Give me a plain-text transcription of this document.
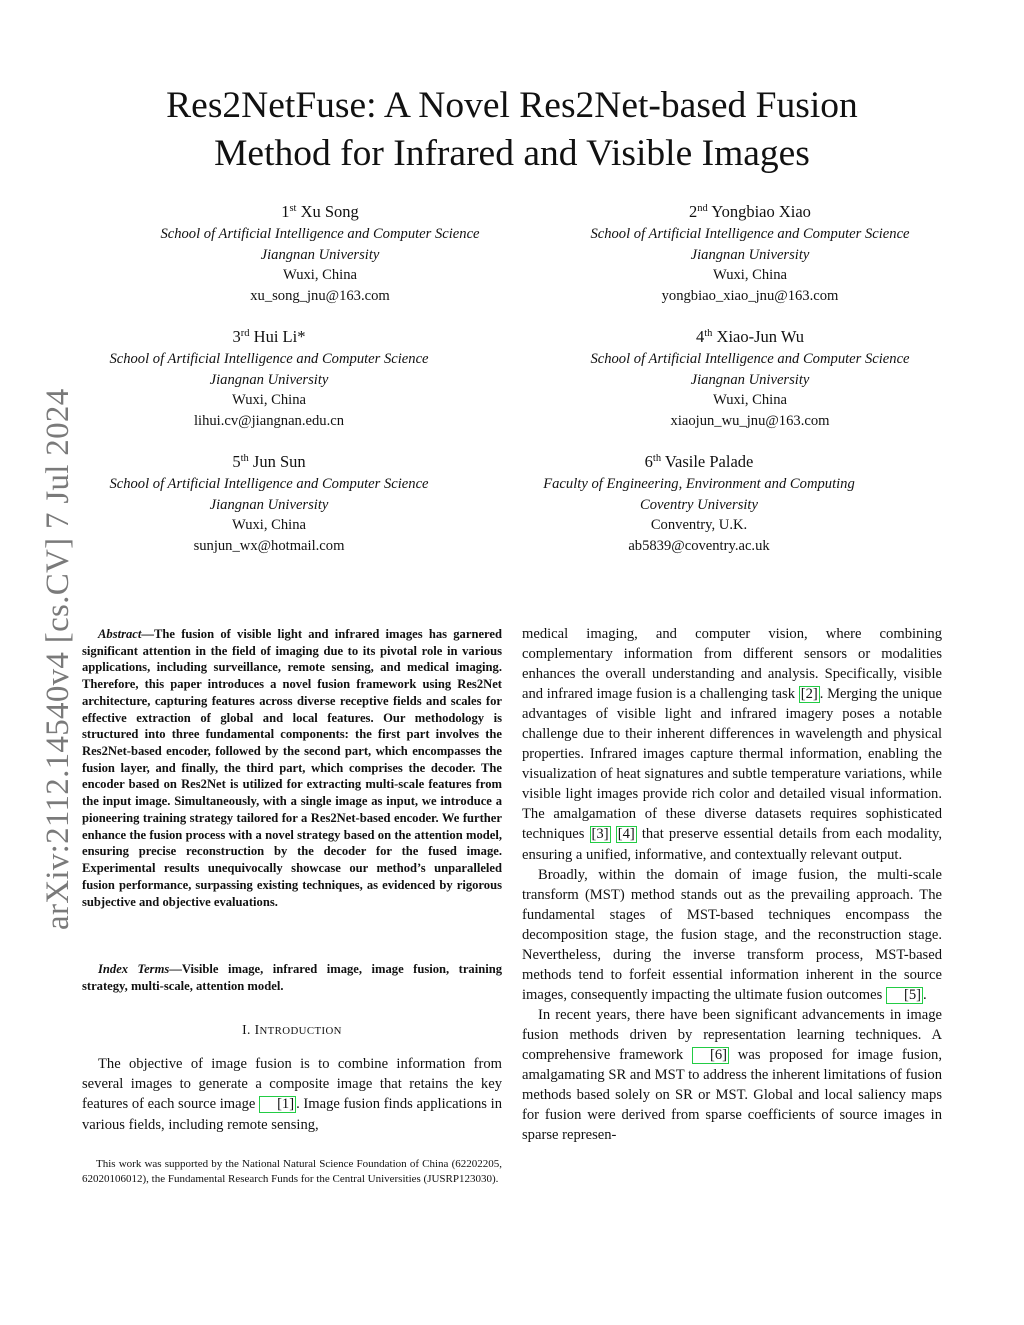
arXiv:2112.14540v4 [cs.CV] 7 Jul 2024
Res2NetFuse: A Novel Res2Net-based Fusion
Method for Infrared and Visible Images
1st Xu Song
School of Artificial Intelligence and Computer Science
Jiangnan University
Wuxi, China
xu_song_jnu@163.com
2nd Yongbiao Xiao
School of Artificial Intelligence and Computer Science
Jiangnan University
Wuxi, China
yongbiao_xiao_jnu@163.com
3rd Hui Li*
School of Artificial Intelligence and Computer Science
Jiangnan University
Wuxi, China
lihui.cv@jiangnan.edu.cn
4th Xiao-Jun Wu
School of Artificial Intelligence and Computer Science
Jiangnan University
Wuxi, China
xiaojun_wu_jnu@163.com
5th Jun Sun
School of Artificial Intelligence and Computer Science
Jiangnan University
Wuxi, China
sunjun_wx@hotmail.com
6th Vasile Palade
Faculty of Engineering, Environment and Computing
Coventry University
Conventry, U.K.
ab5839@coventry.ac.uk

Abstract—The fusion of visible light and infrared images has garnered significant attention in the field of imaging due to its pivotal role in various applications, including surveillance, remote sensing, and medical imaging. Therefore, this paper introduces a novel fusion framework using Res2Net architecture, capturing features across diverse receptive fields and scales for effective extraction of global and local features. Our methodology is structured into three fundamental components: the first part involves the Res2Net-based encoder, followed by the second part, which encompasses the fusion layer, and finally, the third part, which comprises the decoder. The encoder based on Res2Net is utilized for extracting multi-scale features from the input image. Simultaneously, with a single image as input, we introduce a pioneering training strategy tailored for a Res2Net-based encoder. We further enhance the fusion process with a novel strategy based on the attention model, ensuring precise reconstruction by the decoder for the fused image. Experimental results unequivocally showcase our method’s unparalleled fusion performance, surpassing existing techniques, as evidenced by rigorous subjective and objective evaluations.

Index Terms—Visible image, infrared image, image fusion, training strategy, multi-scale, attention model.

I. INTRODUCTION

The objective of image fusion is to combine information from several images to generate a composite image that retains the key features of each source image [1] . Image fusion finds applications in various fields, including remote sensing,

This work was supported by the National Natural Science Foundation of China (62202205, 62020106012), the Fundamental Research Funds for the Central Universities (JUSRP123030).

medical imaging, and computer vision, where combining complementary information from different sensors or modalities enhances the overall understanding and analysis. Specifically, visible and infrared image fusion is a challenging task [2] . Merging the unique advantages of visible light and infrared imagery poses a notable challenge due to their inherent differences in wavelength and physical properties. Infrared images capture thermal information, enabling the visualization of heat signatures and subtle temperature variations, while visible light images provide rich color and detailed visual information. The amalgamation of these diverse datasets requires sophisticated techniques [3] [4] that preserve essential details from each modality, ensuring a unified, informative, and contextually relevant output.

Broadly, within the domain of image fusion, the multi-scale transform (MST) method stands out as the prevailing approach. The fundamental stages of MST-based techniques encompass the decomposition stage, the fusion stage, and the reconstruction stage. Nevertheless, during the inverse transform process, MST-based methods tend to forfeit essential information inherent in the source images, consequently impacting the ultimate fusion outcomes [5] .

In recent years, there have been significant advancements in image fusion methods driven by representation learning techniques. A comprehensive framework [6] was proposed for image fusion, amalgamating SR and MST to address the inherent limitations of fusion methods based solely on SR or MST. Global and local saliency maps for fusion were derived from sparse coefficients of source images in sparse represen-
